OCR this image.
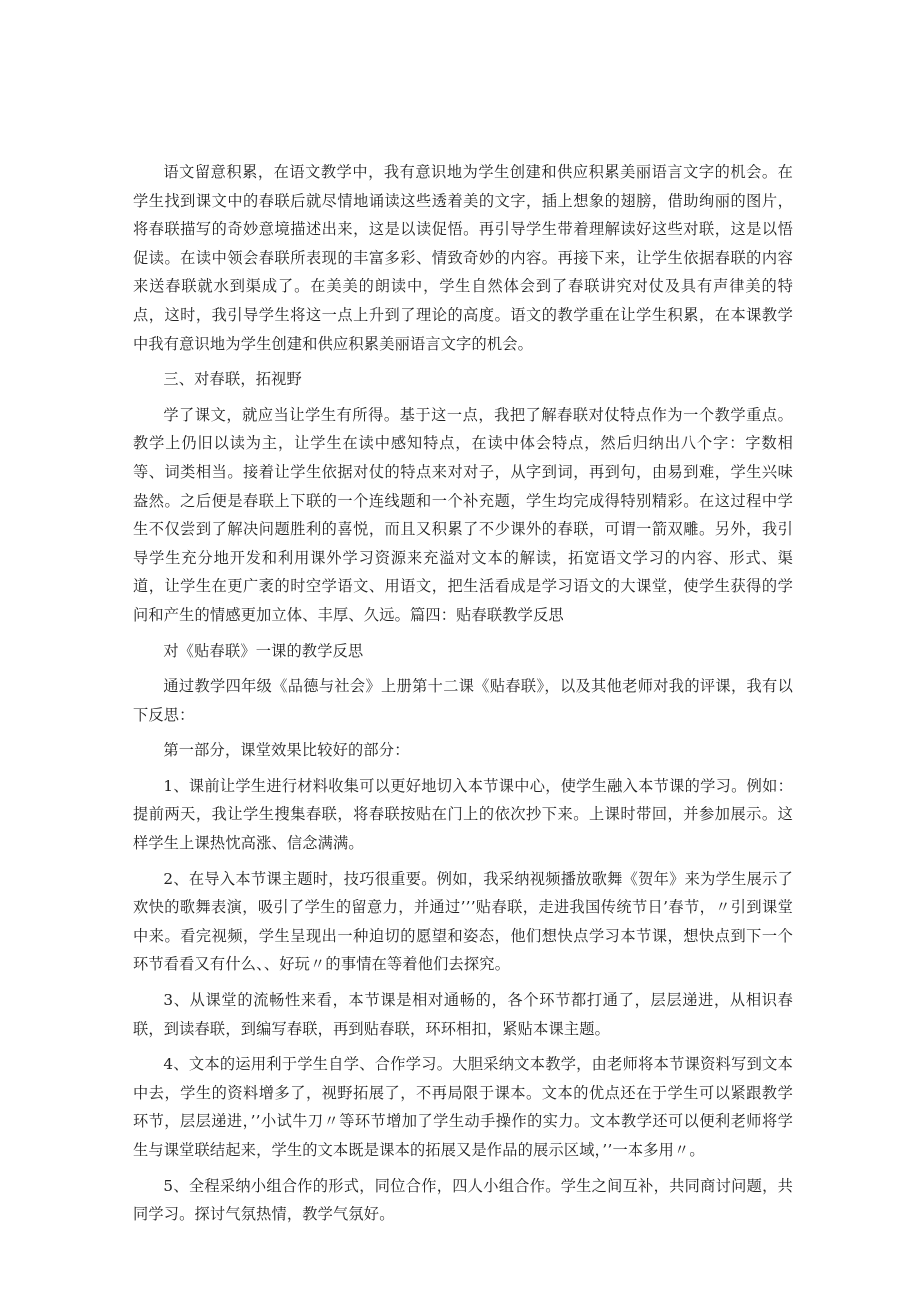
语文留意积累，在语文教学中，我有意识地为学生创建和供应积累美丽语言文字的机会。在学生找到课文中的春联后就尽情地诵读这些透着美的文字，插上想象的翅膀，借助绚丽的图片，将春联描写的奇妙意境描述出来，这是以读促悟。再引导学生带着理解读好这些对联，这是以悟促读。在读中领会春联所表现的丰富多彩、情致奇妙的内容。再接下来，让学生依据春联的内容来送春联就水到渠成了。在美美的朗读中，学生自然体会到了春联讲究对仗及具有声律美的特点，这时，我引导学生将这一点上升到了理论的高度。语文的教学重在让学生积累，在本课教学中我有意识地为学生创建和供应积累美丽语言文字的机会。

三、对春联，拓视野

学了课文，就应当让学生有所得。基于这一点，我把了解春联对仗特点作为一个教学重点。教学上仍旧以读为主，让学生在读中感知特点，在读中体会特点，然后归纳出八个字：字数相等、词类相当。接着让学生依据对仗的特点来对对子，从字到词，再到句，由易到难，学生兴味盎然。之后便是春联上下联的一个连线题和一个补充题，学生均完成得特别精彩。在这过程中学生不仅尝到了解决问题胜利的喜悦，而且又积累了不少课外的春联，可谓一箭双雕。另外，我引导学生充分地开发和利用课外学习资源来充溢对文本的解读，拓宽语文学习的内容、形式、渠道，让学生在更广袤的时空学语文、用语文，把生活看成是学习语文的大课堂，使学生获得的学问和产生的情感更加立体、丰厚、久远。篇四：贴春联教学反思

对《贴春联》一课的教学反思

通过教学四年级《品德与社会》上册第十二课《贴春联》，以及其他老师对我的评课，我有以下反思：

第一部分，课堂效果比较好的部分：

1、课前让学生进行材料收集可以更好地切入本节课中心，使学生融入本节课的学习。例如：提前两天，我让学生搜集春联，将春联按贴在门上的依次抄下来。上课时带回，并参加展示。这样学生上课热忱高涨、信念满满。

2、在导入本节课主题时，技巧很重要。例如，我采纳视频播放歌舞《贺年》来为学生展示了欢快的歌舞表演，吸引了学生的留意力，并通过’’’贴春联，走进我国传统节日’春节，〃引到课堂中来。看完视频，学生呈现出一种迫切的愿望和姿态，他们想快点学习本节课，想快点到下一个环节看看又有什么、、好玩〃的事情在等着他们去探究。

3、从课堂的流畅性来看，本节课是相对通畅的，各个环节都打通了，层层递进，从相识春联，到读春联，到编写春联，再到贴春联，环环相扣，紧贴本课主题。

4、文本的运用利于学生自学、合作学习。大胆采纳文本教学，由老师将本节课资料写到文本中去，学生的资料增多了，视野拓展了，不再局限于课本。文本的优点还在于学生可以紧跟教学环节，层层递进，’’小试牛刀〃等环节增加了学生动手操作的实力。文本教学还可以便利老师将学生与课堂联结起来，学生的文本既是课本的拓展又是作品的展示区域，’’一本多用〃。

5、全程采纳小组合作的形式，同位合作，四人小组合作。学生之间互补，共同商讨问题，共同学习。探讨气氛热情，教学气氛好。
